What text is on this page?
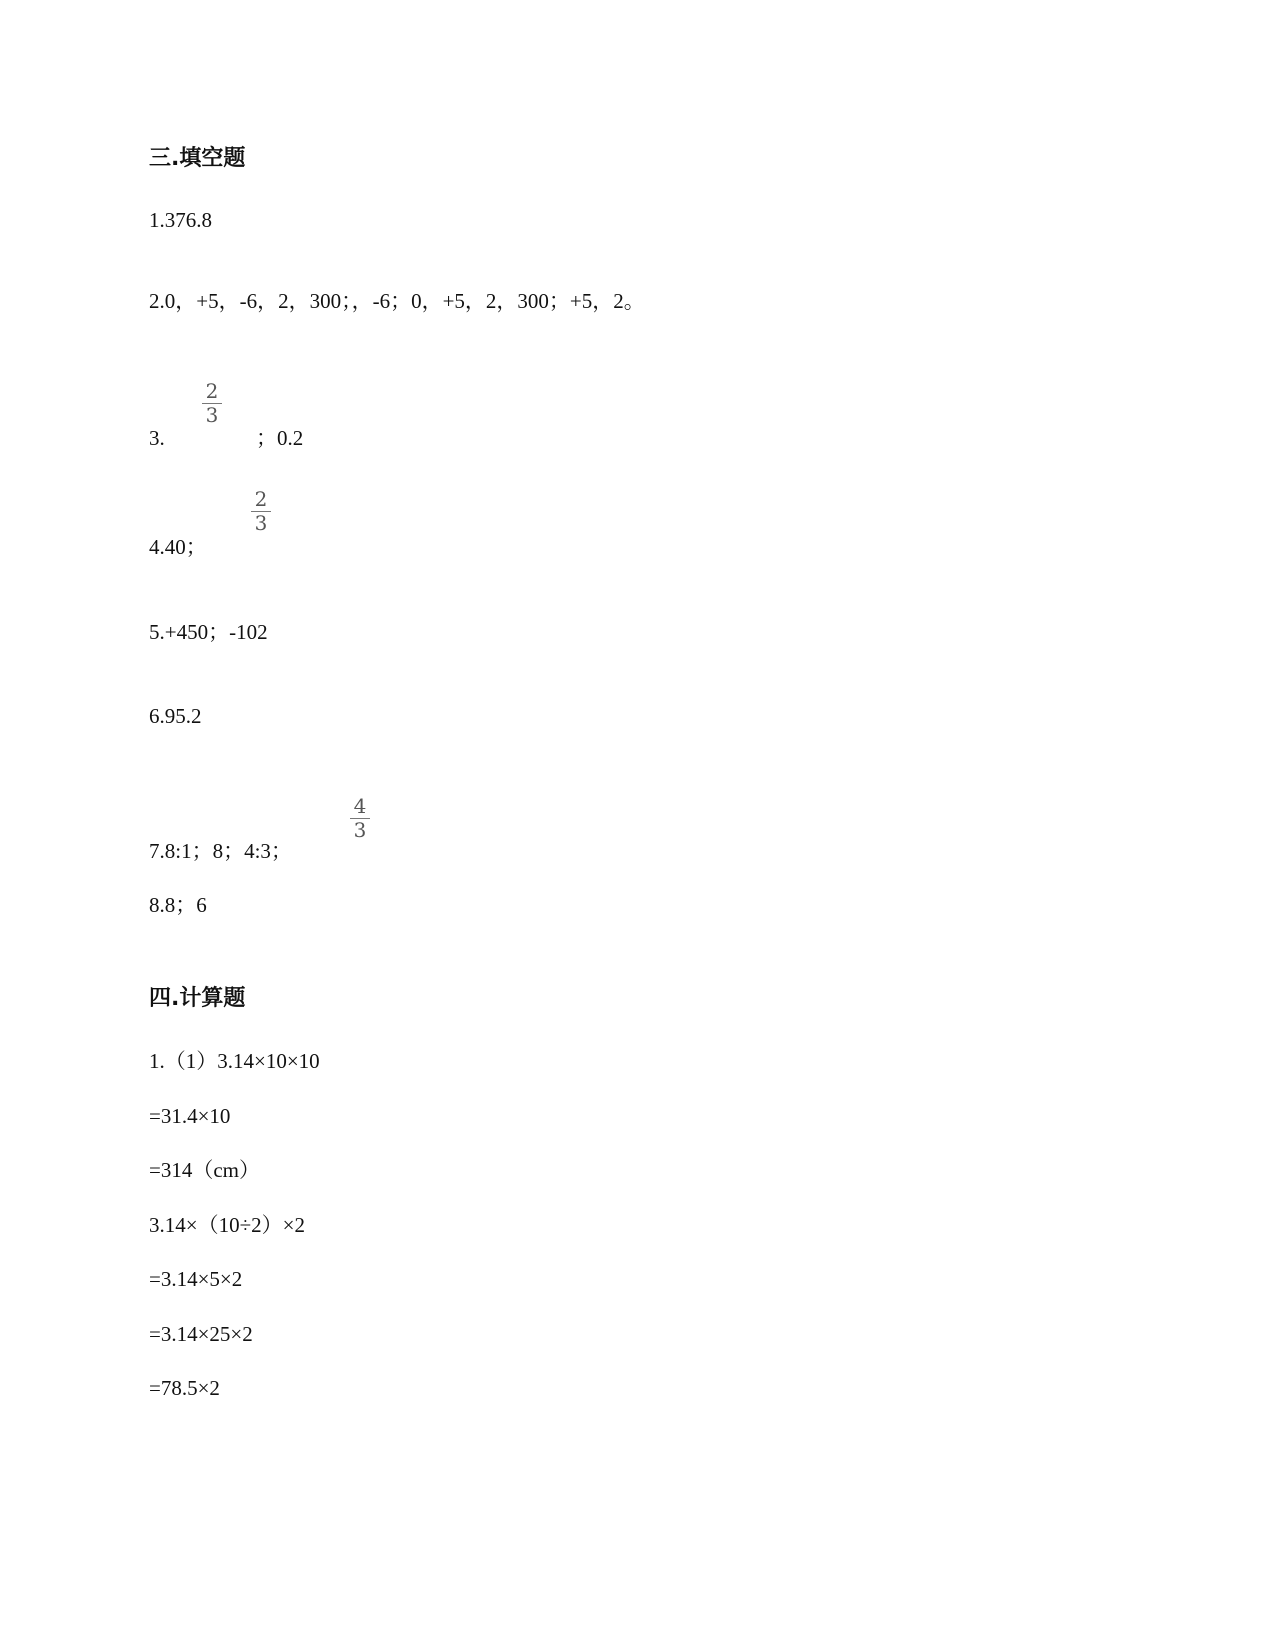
三.填空题
1.376.8
2.0，+5，-6，2，300；，-6；0，+5，2，300；+5，2。
3.
2
3
；0.2
4.40；
2
3
5.+450；-102
6.95.2
7.8:1；8；4:3；
4
3
8.8；6
四.计算题
1.（1）3.14×10×10
=31.4×10
=314（cm）
3.14×（10÷2）×2
=3.14×5×2
=3.14×25×2
=78.5×2
